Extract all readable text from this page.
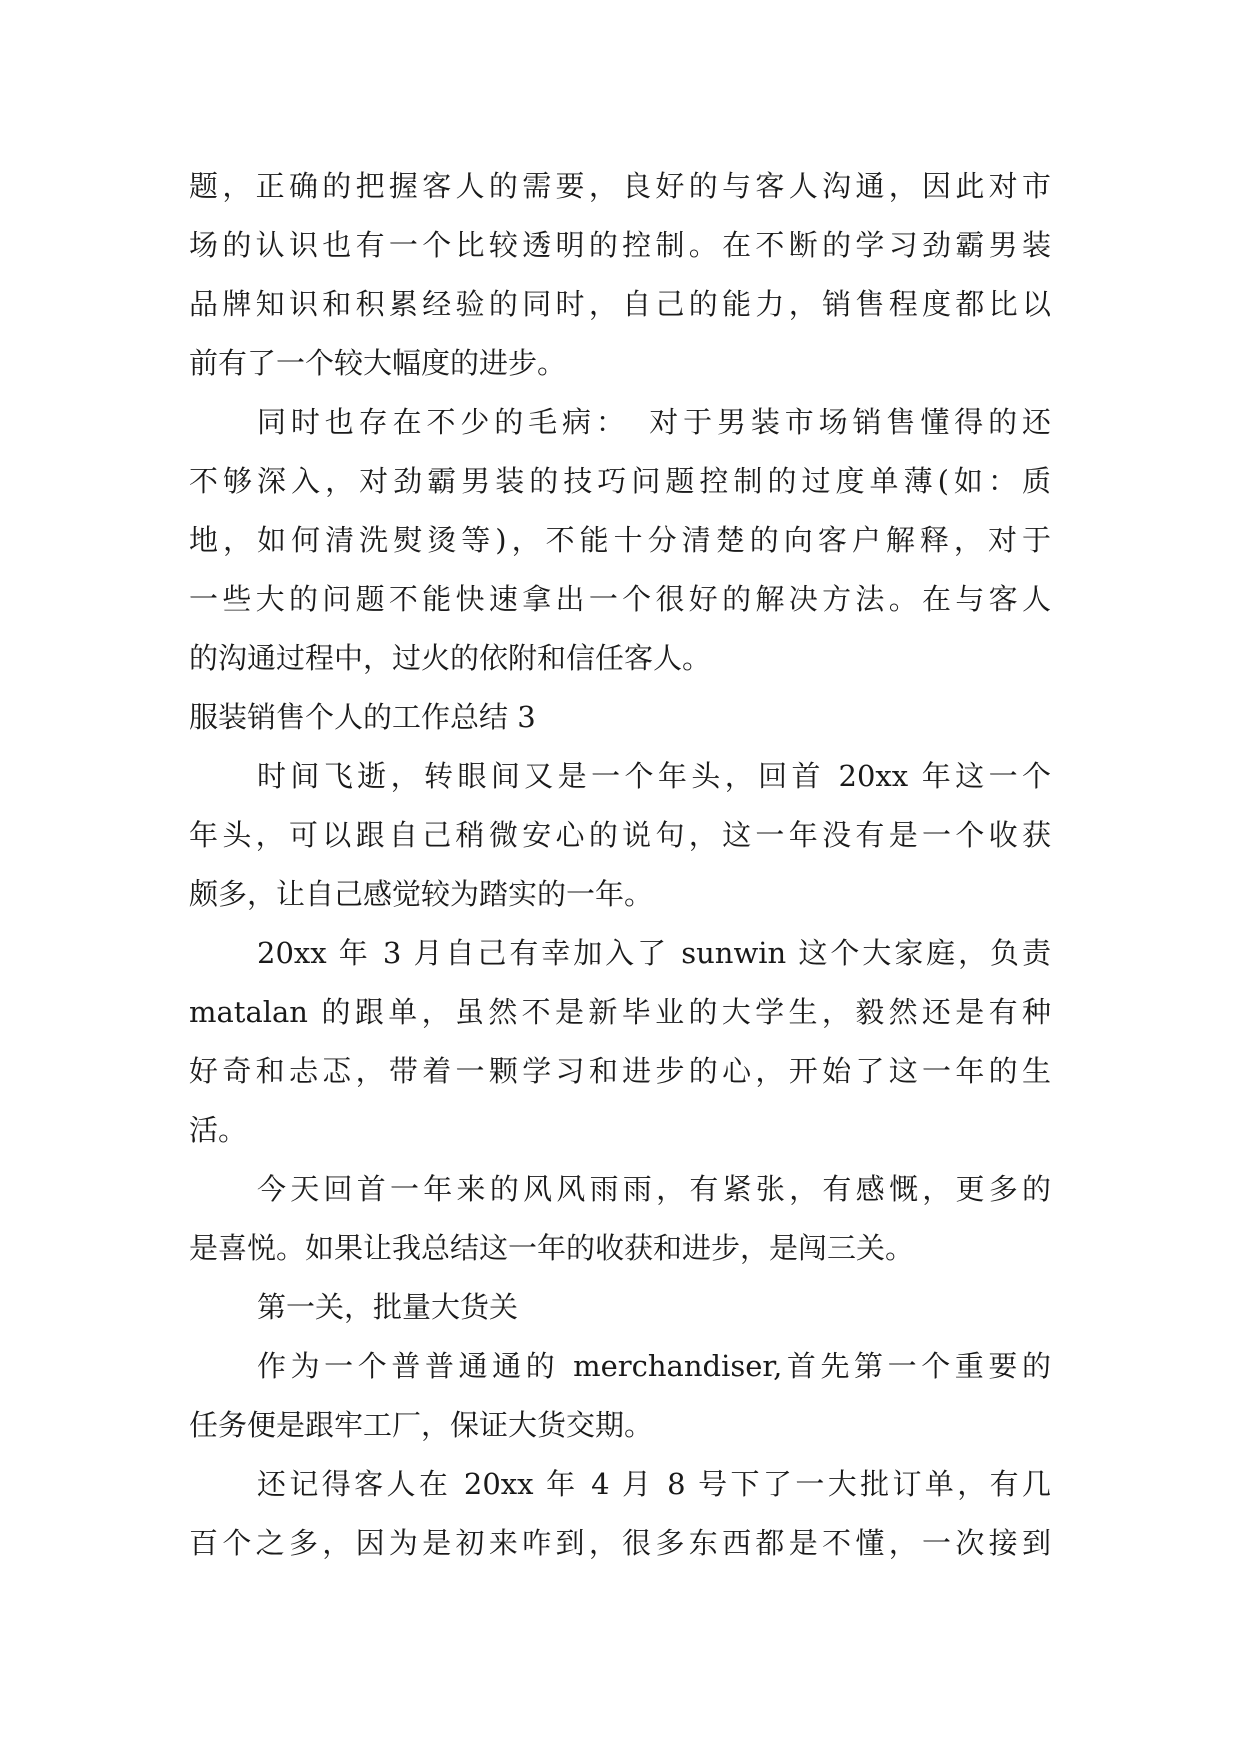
题，正确的把握客人的需要，良好的与客人沟通，因此对市
场的认识也有一个比较透明的控制。在不断的学习劲霸男装
品牌知识和积累经验的同时，自己的能力，销售程度都比以
前有了一个较大幅度的进步。
同时也存在不少的毛病：　对于男装市场销售懂得的还
不够深入，对劲霸男装的技巧问题控制的过度单薄(如：质
地，如何清洗熨烫等)，不能十分清楚的向客户解释，对于
一些大的问题不能快速拿出一个很好的解决方法。在与客人
的沟通过程中，过火的依附和信任客人。
服装销售个人的工作总结 3
时间飞逝，转眼间又是一个年头，回首 20xx 年这一个
年头，可以跟自己稍微安心的说句，这一年没有是一个收获
颇多，让自己感觉较为踏实的一年。
20xx 年 3 月自己有幸加入了 sunwin 这个大家庭，负责
matalan 的跟单，虽然不是新毕业的大学生，毅然还是有种
好奇和忐忑，带着一颗学习和进步的心，开始了这一年的生
活。
今天回首一年来的风风雨雨，有紧张，有感慨，更多的
是喜悦。如果让我总结这一年的收获和进步，是闯三关。
第一关，批量大货关
作为一个普普通通的 merchandiser,首先第一个重要的
任务便是跟牢工厂，保证大货交期。
还记得客人在 20xx 年 4 月 8 号下了一大批订单，有几
百个之多，因为是初来咋到，很多东西都是不懂，一次接到
